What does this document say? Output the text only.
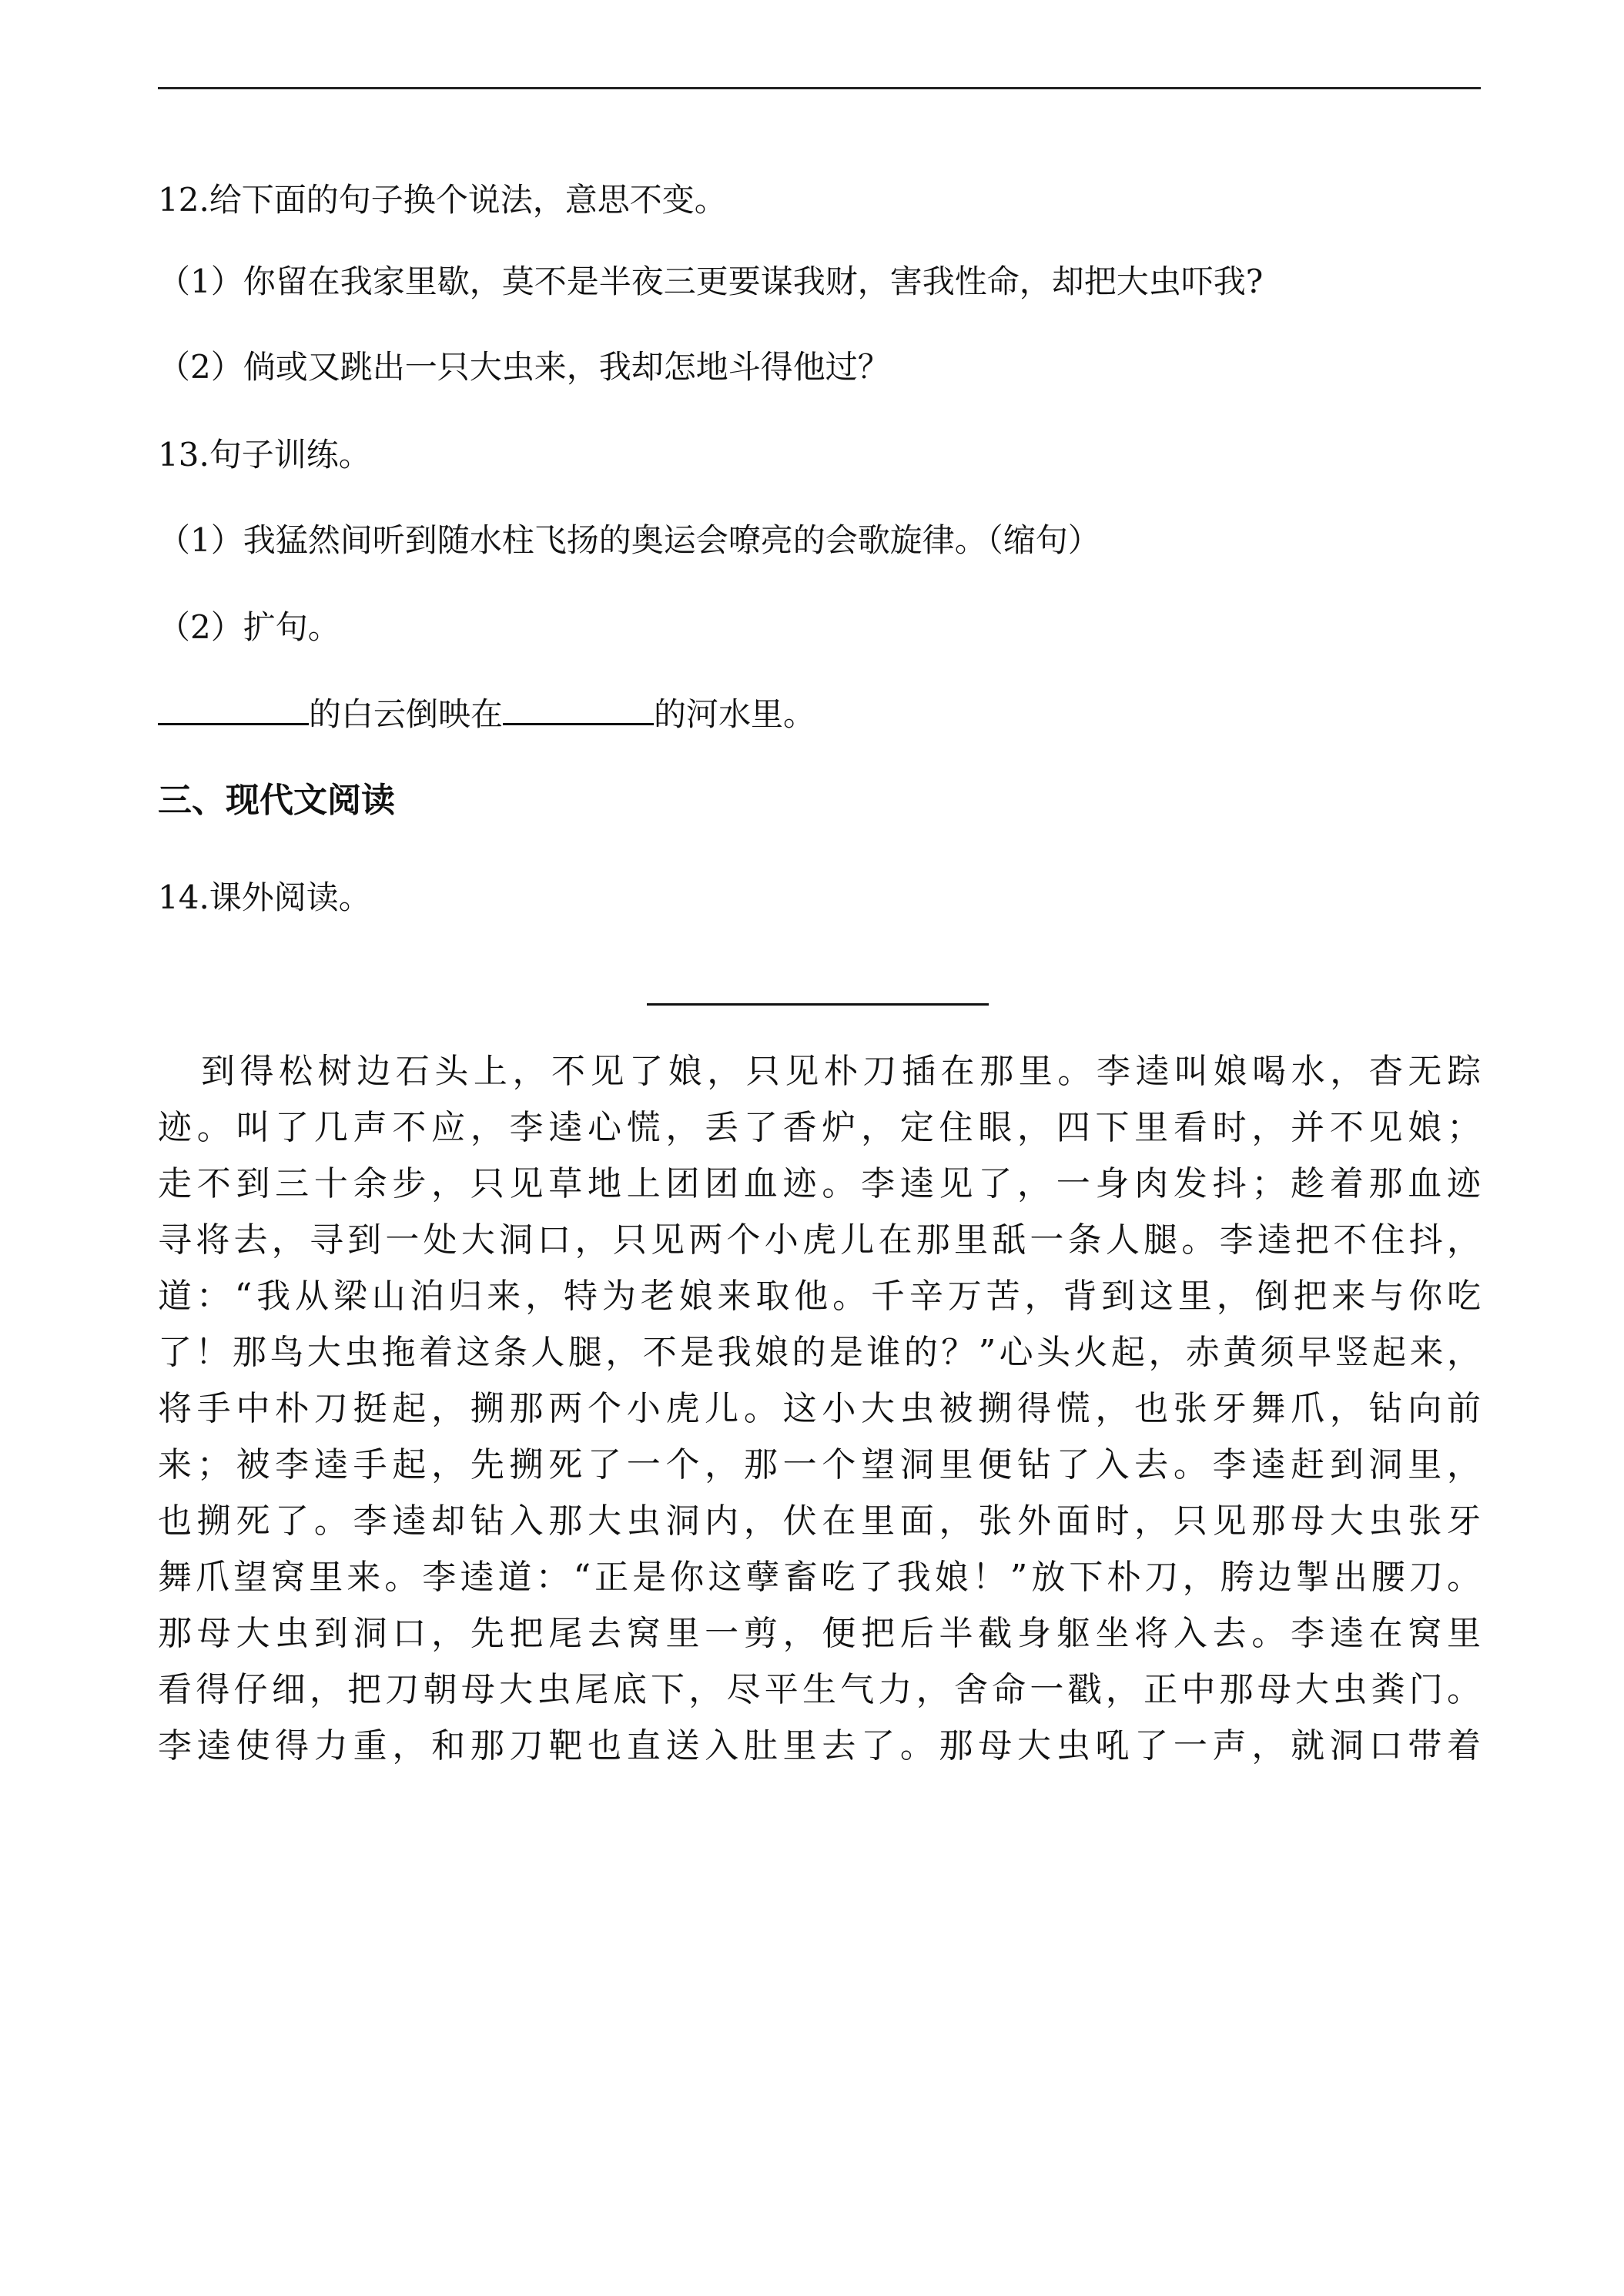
12.给下面的句子换个说法，意思不变。
（1）你留在我家里歇，莫不是半夜三更要谋我财，害我性命，却把大虫吓我?
（2）倘或又跳出一只大虫来，我却怎地斗得他过？
13.句子训练。
（1）我猛然间听到随水柱飞扬的奥运会嘹亮的会歌旋律。（缩句）
（2）扩句。
的白云倒映在	的河水里。
三、现代文阅读
14.课外阅读。
到得松树边石头上，不见了娘，只见朴刀插在那里。李逵叫娘喝水，杳无踪
迹。叫了几声不应，李逵心慌，丢了香炉，定住眼，四下里看时，并不见娘；
走不到三十余步，只见草地上团团血迹。李逵见了，一身肉发抖；趁着那血迹
寻将去，寻到一处大洞口，只见两个小虎儿在那里舐一条人腿。李逵把不住抖，
道：“我从梁山泊归来，特为老娘来取他。千辛万苦，背到这里，倒把来与你吃
了！那鸟大虫拖着这条人腿，不是我娘的是谁的？”心头火起，赤黄须早竖起来，
将手中朴刀挺起，搠那两个小虎儿。这小大虫被搠得慌，也张牙舞爪，钻向前
来；被李逵手起，先搠死了一个，那一个望洞里便钻了入去。李逵赶到洞里，
也搠死了。李逵却钻入那大虫洞内，伏在里面，张外面时，只见那母大虫张牙
舞爪望窝里来。李逵道：“正是你这孽畜吃了我娘！”放下朴刀，胯边掣出腰刀。
那母大虫到洞口，先把尾去窝里一剪，便把后半截身躯坐将入去。李逵在窝里
看得仔细，把刀朝母大虫尾底下，尽平生气力，舍命一戳，正中那母大虫粪门。
李逵使得力重，和那刀靶也直送入肚里去了。那母大虫吼了一声，就洞口带着
